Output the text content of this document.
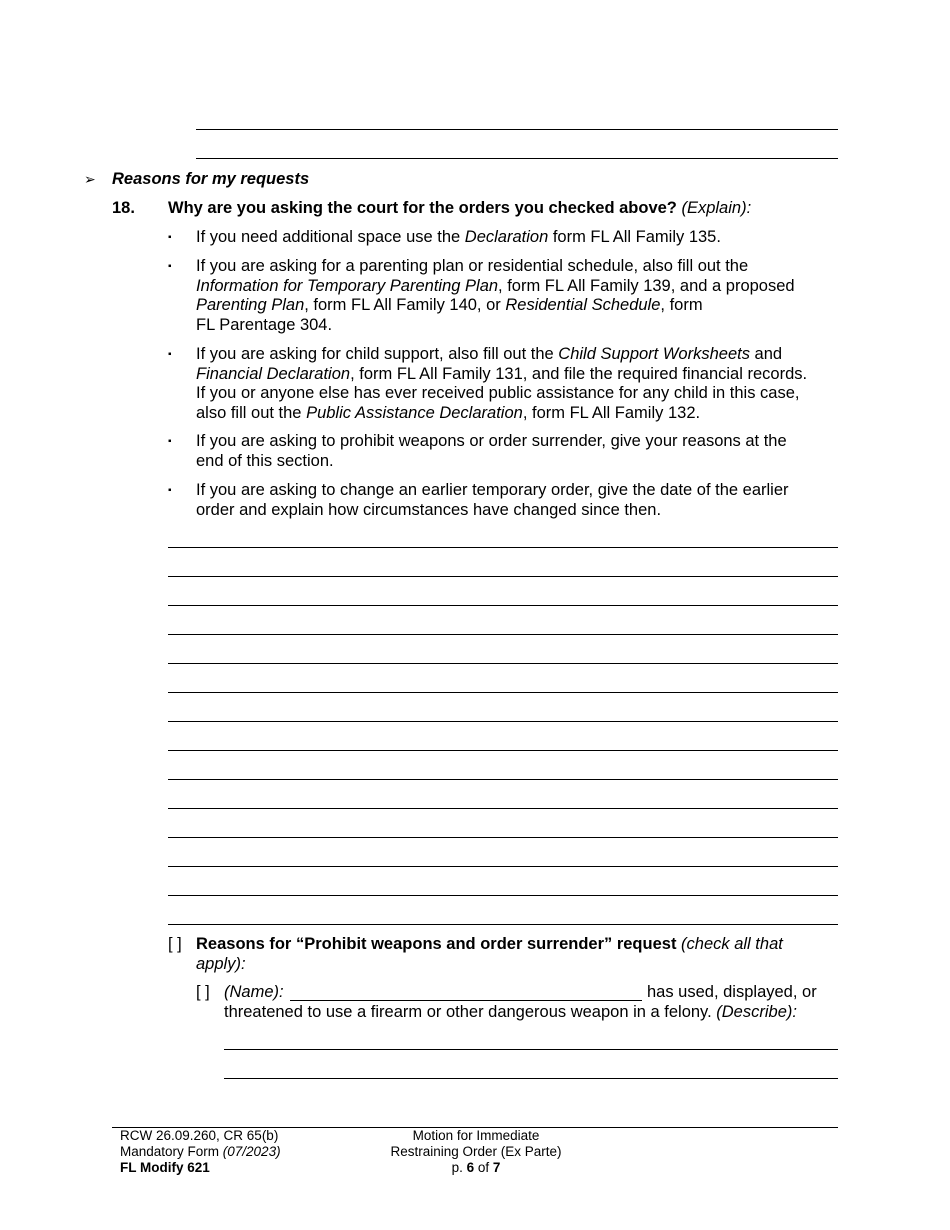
➢ Reasons for my requests
18. Why are you asking the court for the orders you checked above? (Explain):
▪ If you need additional space use the Declaration form FL All Family 135.
▪ If you are asking for a parenting plan or residential schedule, also fill out the
Information for Temporary Parenting Plan, form FL All Family 139, and a proposed
Parenting Plan, form FL All Family 140, or Residential Schedule, form
FL Parentage 304.
▪ If you are asking for child support, also fill out the Child Support Worksheets and
Financial Declaration, form FL All Family 131, and file the required financial records.
If you or anyone else has ever received public assistance for any child in this case,
also fill out the Public Assistance Declaration, form FL All Family 132.
▪ If you are asking to prohibit weapons or order surrender, give your reasons at the
end of this section.
▪ If you are asking to change an earlier temporary order, give the date of the earlier
order and explain how circumstances have changed since then.
[ ] Reasons for “Prohibit weapons and order surrender” request (check all that
apply):
[ ] (Name):	has used, displayed, or
threatened to use a firearm or other dangerous weapon in a felony. (Describe):
RCW 26.09.260, CR 65(b)
Mandatory Form (07/2023)
FL Modify 621
Motion for Immediate
Restraining Order (Ex Parte)
p. 6 of 7
